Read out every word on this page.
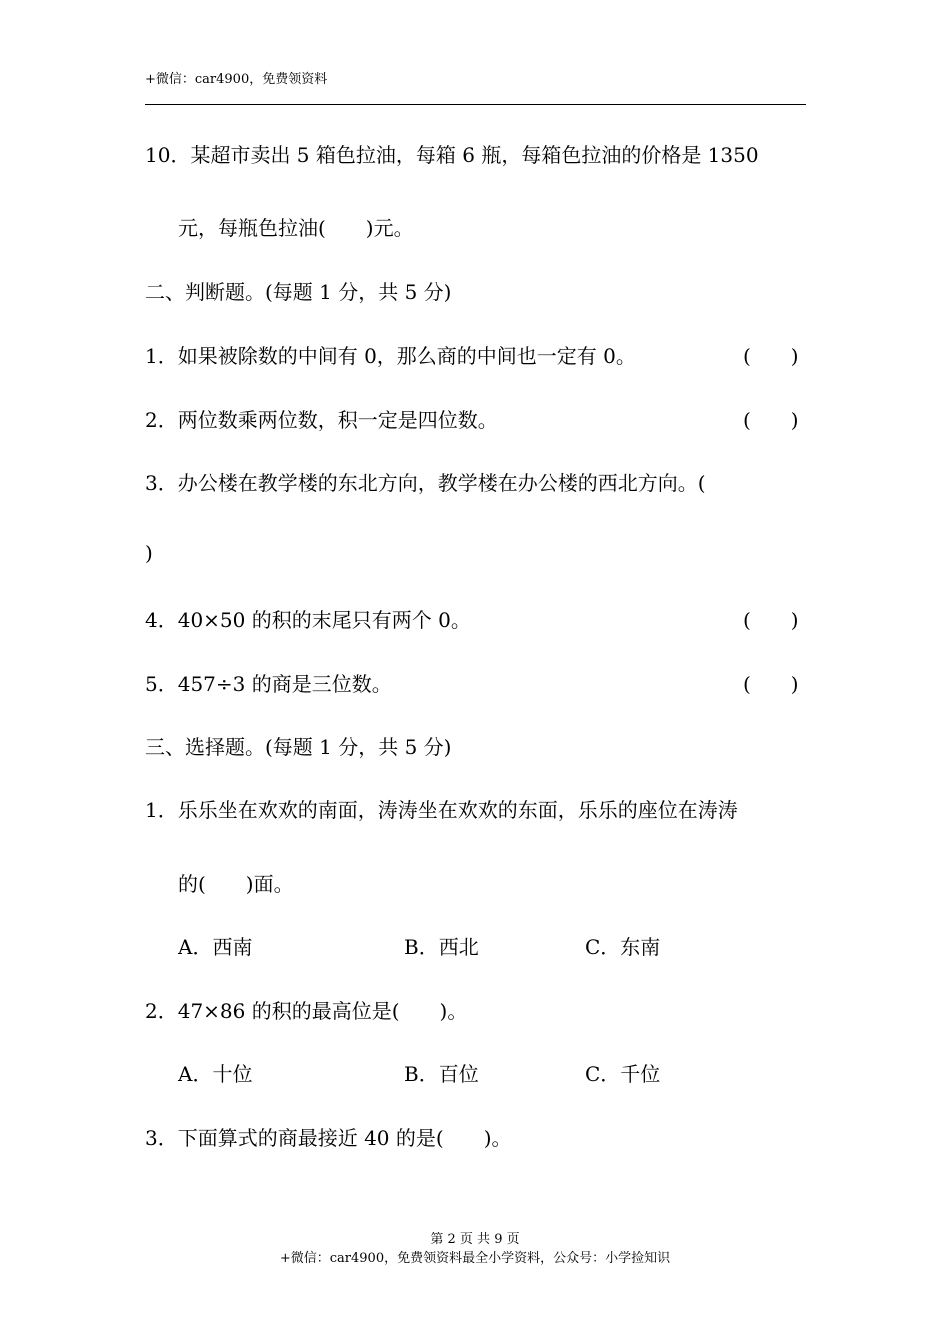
+微信：car4900，免费领资料
10．某超市卖出 5 箱色拉油，每箱 6 瓶，每箱色拉油的价格是 1350
元，每瓶色拉油(　　)元。
二、判断题。(每题 1 分，共 5 分)
1．如果被除数的中间有 0，那么商的中间也一定有 0。	(　　)
2．两位数乘两位数，积一定是四位数。	(　　)
3．办公楼在教学楼的东北方向，教学楼在办公楼的西北方向。(
)
4．40×50 的积的末尾只有两个 0。	(　　)
5．457÷3 的商是三位数。	(　　)
三、选择题。(每题 1 分，共 5 分)
1．乐乐坐在欢欢的南面，涛涛坐在欢欢的东面，乐乐的座位在涛涛
的(　　)面。
A．西南	B．西北	C．东南
2．47×86 的积的最高位是(　　)。
A．十位	B．百位	C．千位
3．下面算式的商最接近 40 的是(　　)。
第 2 页 共 9 页
+微信：car4900，免费领资料最全小学资料，公众号：小学捡知识
